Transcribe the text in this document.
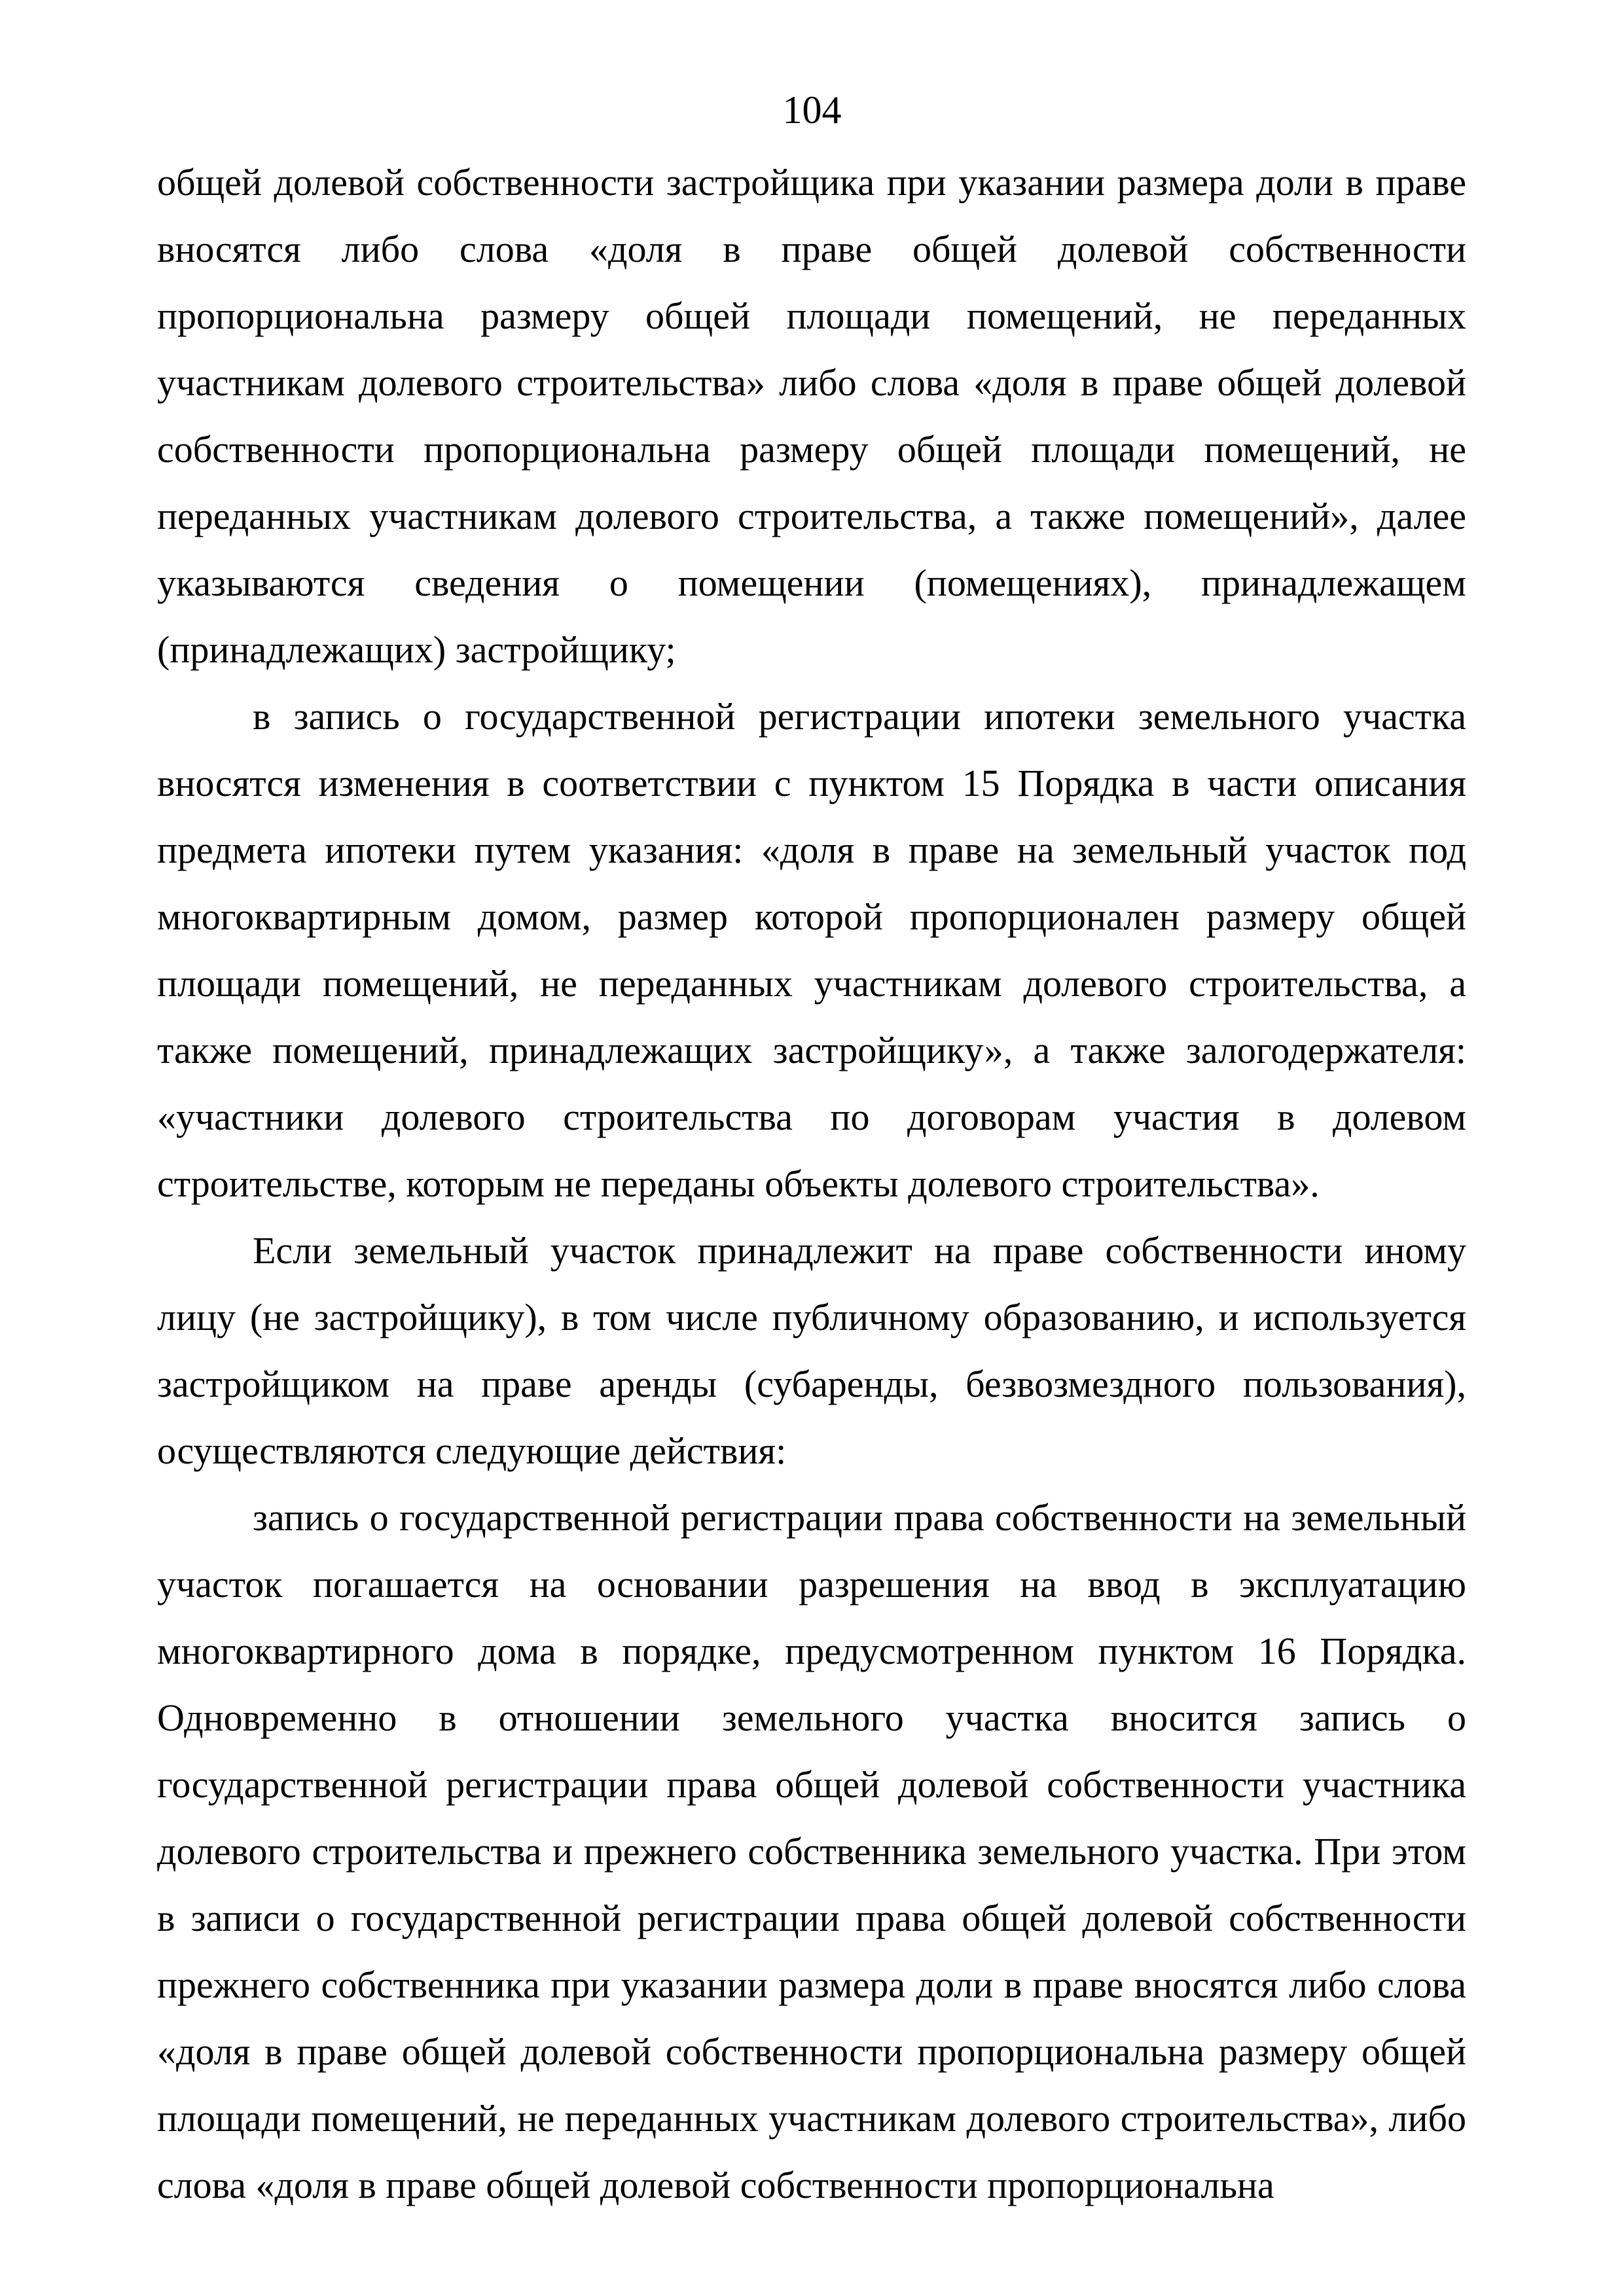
104

общей долевой собственности застройщика при указании размера доли в праве вносятся либо слова «доля в праве общей долевой собственности пропорциональна размеру общей площади помещений, не переданных участникам долевого строительства» либо слова «доля в праве общей долевой собственности пропорциональна размеру общей площади помещений, не переданных участникам долевого строительства, а также помещений», далее указываются сведения о помещении (помещениях), принадлежащем (принадлежащих) застройщику;

в запись о государственной регистрации ипотеки земельного участка вносятся изменения в соответствии с пунктом 15 Порядка в части описания предмета ипотеки путем указания: «доля в праве на земельный участок под многоквартирным домом, размер которой пропорционален размеру общей площади помещений, не переданных участникам долевого строительства, а также помещений, принадлежащих застройщику», а также залогодержателя: «участники долевого строительства по договорам участия в долевом строительстве, которым не переданы объекты долевого строительства».

Если земельный участок принадлежит на праве собственности иному лицу (не застройщику), в том числе публичному образованию, и используется застройщиком на праве аренды (субаренды, безвозмездного пользования), осуществляются следующие действия:

запись о государственной регистрации права собственности на земельный участок погашается на основании разрешения на ввод в эксплуатацию многоквартирного дома в порядке, предусмотренном пунктом 16 Порядка. Одновременно в отношении земельного участка вносится запись о государственной регистрации права общей долевой собственности участника долевого строительства и прежнего собственника земельного участка. При этом в записи о государственной регистрации права общей долевой собственности прежнего собственника при указании размера доли в праве вносятся либо слова «доля в праве общей долевой собственности пропорциональна размеру общей площади помещений, не переданных участникам долевого строительства», либо слова «доля в праве общей долевой собственности пропорциональна
